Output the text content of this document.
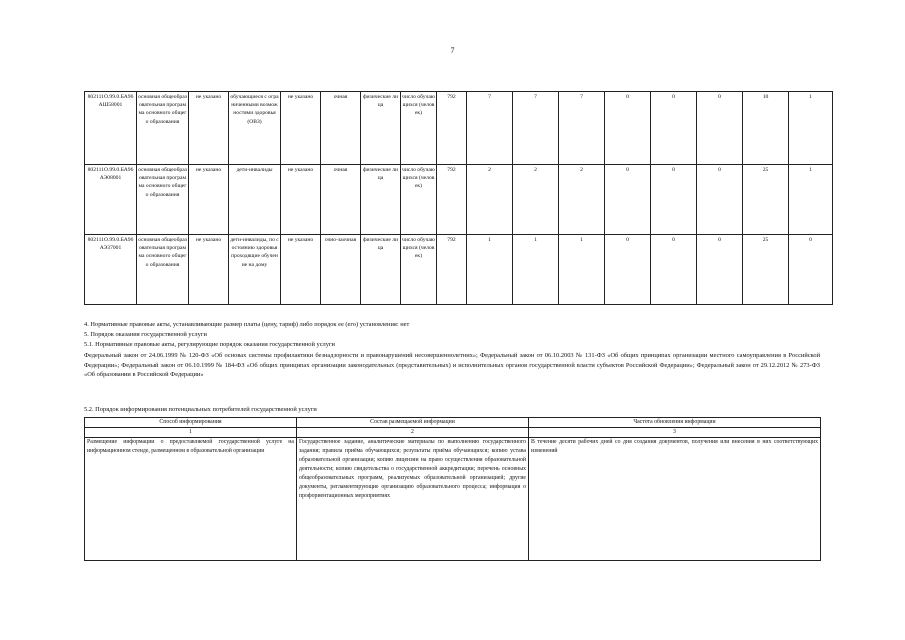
7
802111О.99.0.БА96АШ58001	основная общеобразовательная программа основного общего образования	не указано	обучающиеся с ограниченными возможностями здоровья (ОВЗ)	не указано	очная	физические лица	число обучающихся (человек)	792	7	7	7	0	0	0	10	1
802111О.99.0.БА96АЭ08001	основная общеобразовательная программа основного общего образования	не указано	дети-инвалиды	не указано	очная	физические лица	число обучающихся (человек)	792	2	2	2	0	0	0	25	1
802111О.99.0.БА96АЭ37001	основная общеобразовательная программа основного общего образования	не указано	дети-инвалиды, по состоянию здоровья проходящие обучение на дому	не указано	очно-заочная	физические лица	число обучающихся (человек)	792	1	1	1	0	0	0	25	0
4. Нормативные правовые акты, устанавливающие размер платы (цену, тариф) либо порядок ее (его) установления: нет
5. Порядок оказания государственной услуги
5.1. Нормативные правовые акты, регулирующие порядок оказания государственной услуги
Федеральный закон от 24.06.1999 № 120-ФЗ «Об основах системы профилактики безнадзорности и правонарушений несовершеннолетних»; Федеральный закон от 06.10.2003 № 131-ФЗ «Об общих принципах организации местного самоуправления в Российской Федерации»; Федеральный закон от 06.10.1999 № 184-ФЗ «Об общих принципах организации законодательных (представительных) и исполнительных органов государственной власти субъектов Российской Федерации»; Федеральный закон от 29.12.2012 № 273-ФЗ «Об образовании в Российской Федерации»
5.2. Порядок информирования потенциальных потребителей государственной услуги
Способ информирования	Состав размещаемой информации	Частота обновления информации
1	2	3
Размещение информации о предоставляемой государственной услуге на информационном стенде, размещенном в образовательной организации	Государственное задание, аналитические материалы по выполнению государственного задания; правила приёма обучающихся; результаты приёма обучающихся; копию устава образовательной организации; копию лицензии на право осуществления образовательной деятельности; копию свидетельства о государственной аккредитации; перечень основных общеобразовательных программ, реализуемых образовательной организацией; другие документы, регламентирующие организацию образовательного процесса; информация о профориентационных мероприятиях	В течение десяти рабочих дней со дня создания документов, получения или внесения в них соответствующих изменений
